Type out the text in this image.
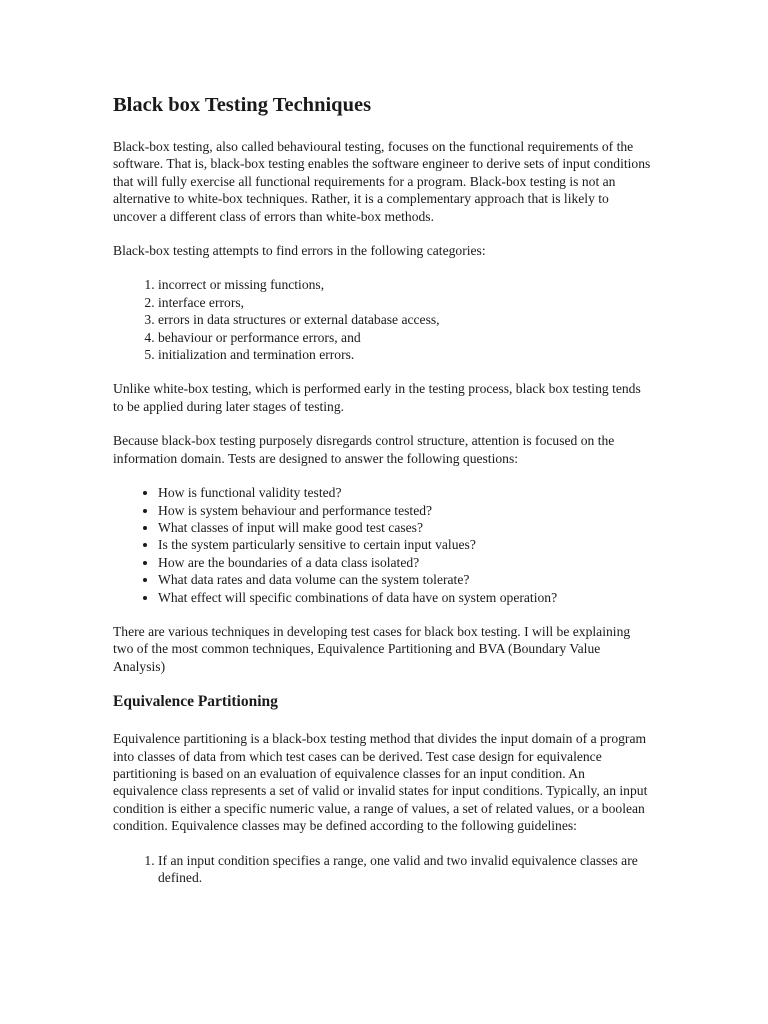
Black box Testing Techniques

Black-box testing, also called behavioural testing, focuses on the functional requirements of the software. That is, black-box testing enables the software engineer to derive sets of input conditions that will fully exercise all functional requirements for a program. Black-box testing is not an alternative to white-box techniques. Rather, it is a complementary approach that is likely to uncover a different class of errors than white-box methods.

Black-box testing attempts to find errors in the following categories:

1. incorrect or missing functions,
2. interface errors,
3. errors in data structures or external database access,
4. behaviour or performance errors, and
5. initialization and termination errors.

Unlike white-box testing, which is performed early in the testing process, black box testing tends to be applied during later stages of testing.

Because black-box testing purposely disregards control structure, attention is focused on the information domain. Tests are designed to answer the following questions:

• How is functional validity tested?
• How is system behaviour and performance tested?
• What classes of input will make good test cases?
• Is the system particularly sensitive to certain input values?
• How are the boundaries of a data class isolated?
• What data rates and data volume can the system tolerate?
• What effect will specific combinations of data have on system operation?

There are various techniques in developing test cases for black box testing. I will be explaining two of the most common techniques, Equivalence Partitioning and BVA (Boundary Value Analysis)

Equivalence Partitioning

Equivalence partitioning is a black-box testing method that divides the input domain of a program into classes of data from which test cases can be derived. Test case design for equivalence partitioning is based on an evaluation of equivalence classes for an input condition. An equivalence class represents a set of valid or invalid states for input conditions. Typically, an input condition is either a specific numeric value, a range of values, a set of related values, or a boolean condition. Equivalence classes may be defined according to the following guidelines:

1. If an input condition specifies a range, one valid and two invalid equivalence classes are defined.
